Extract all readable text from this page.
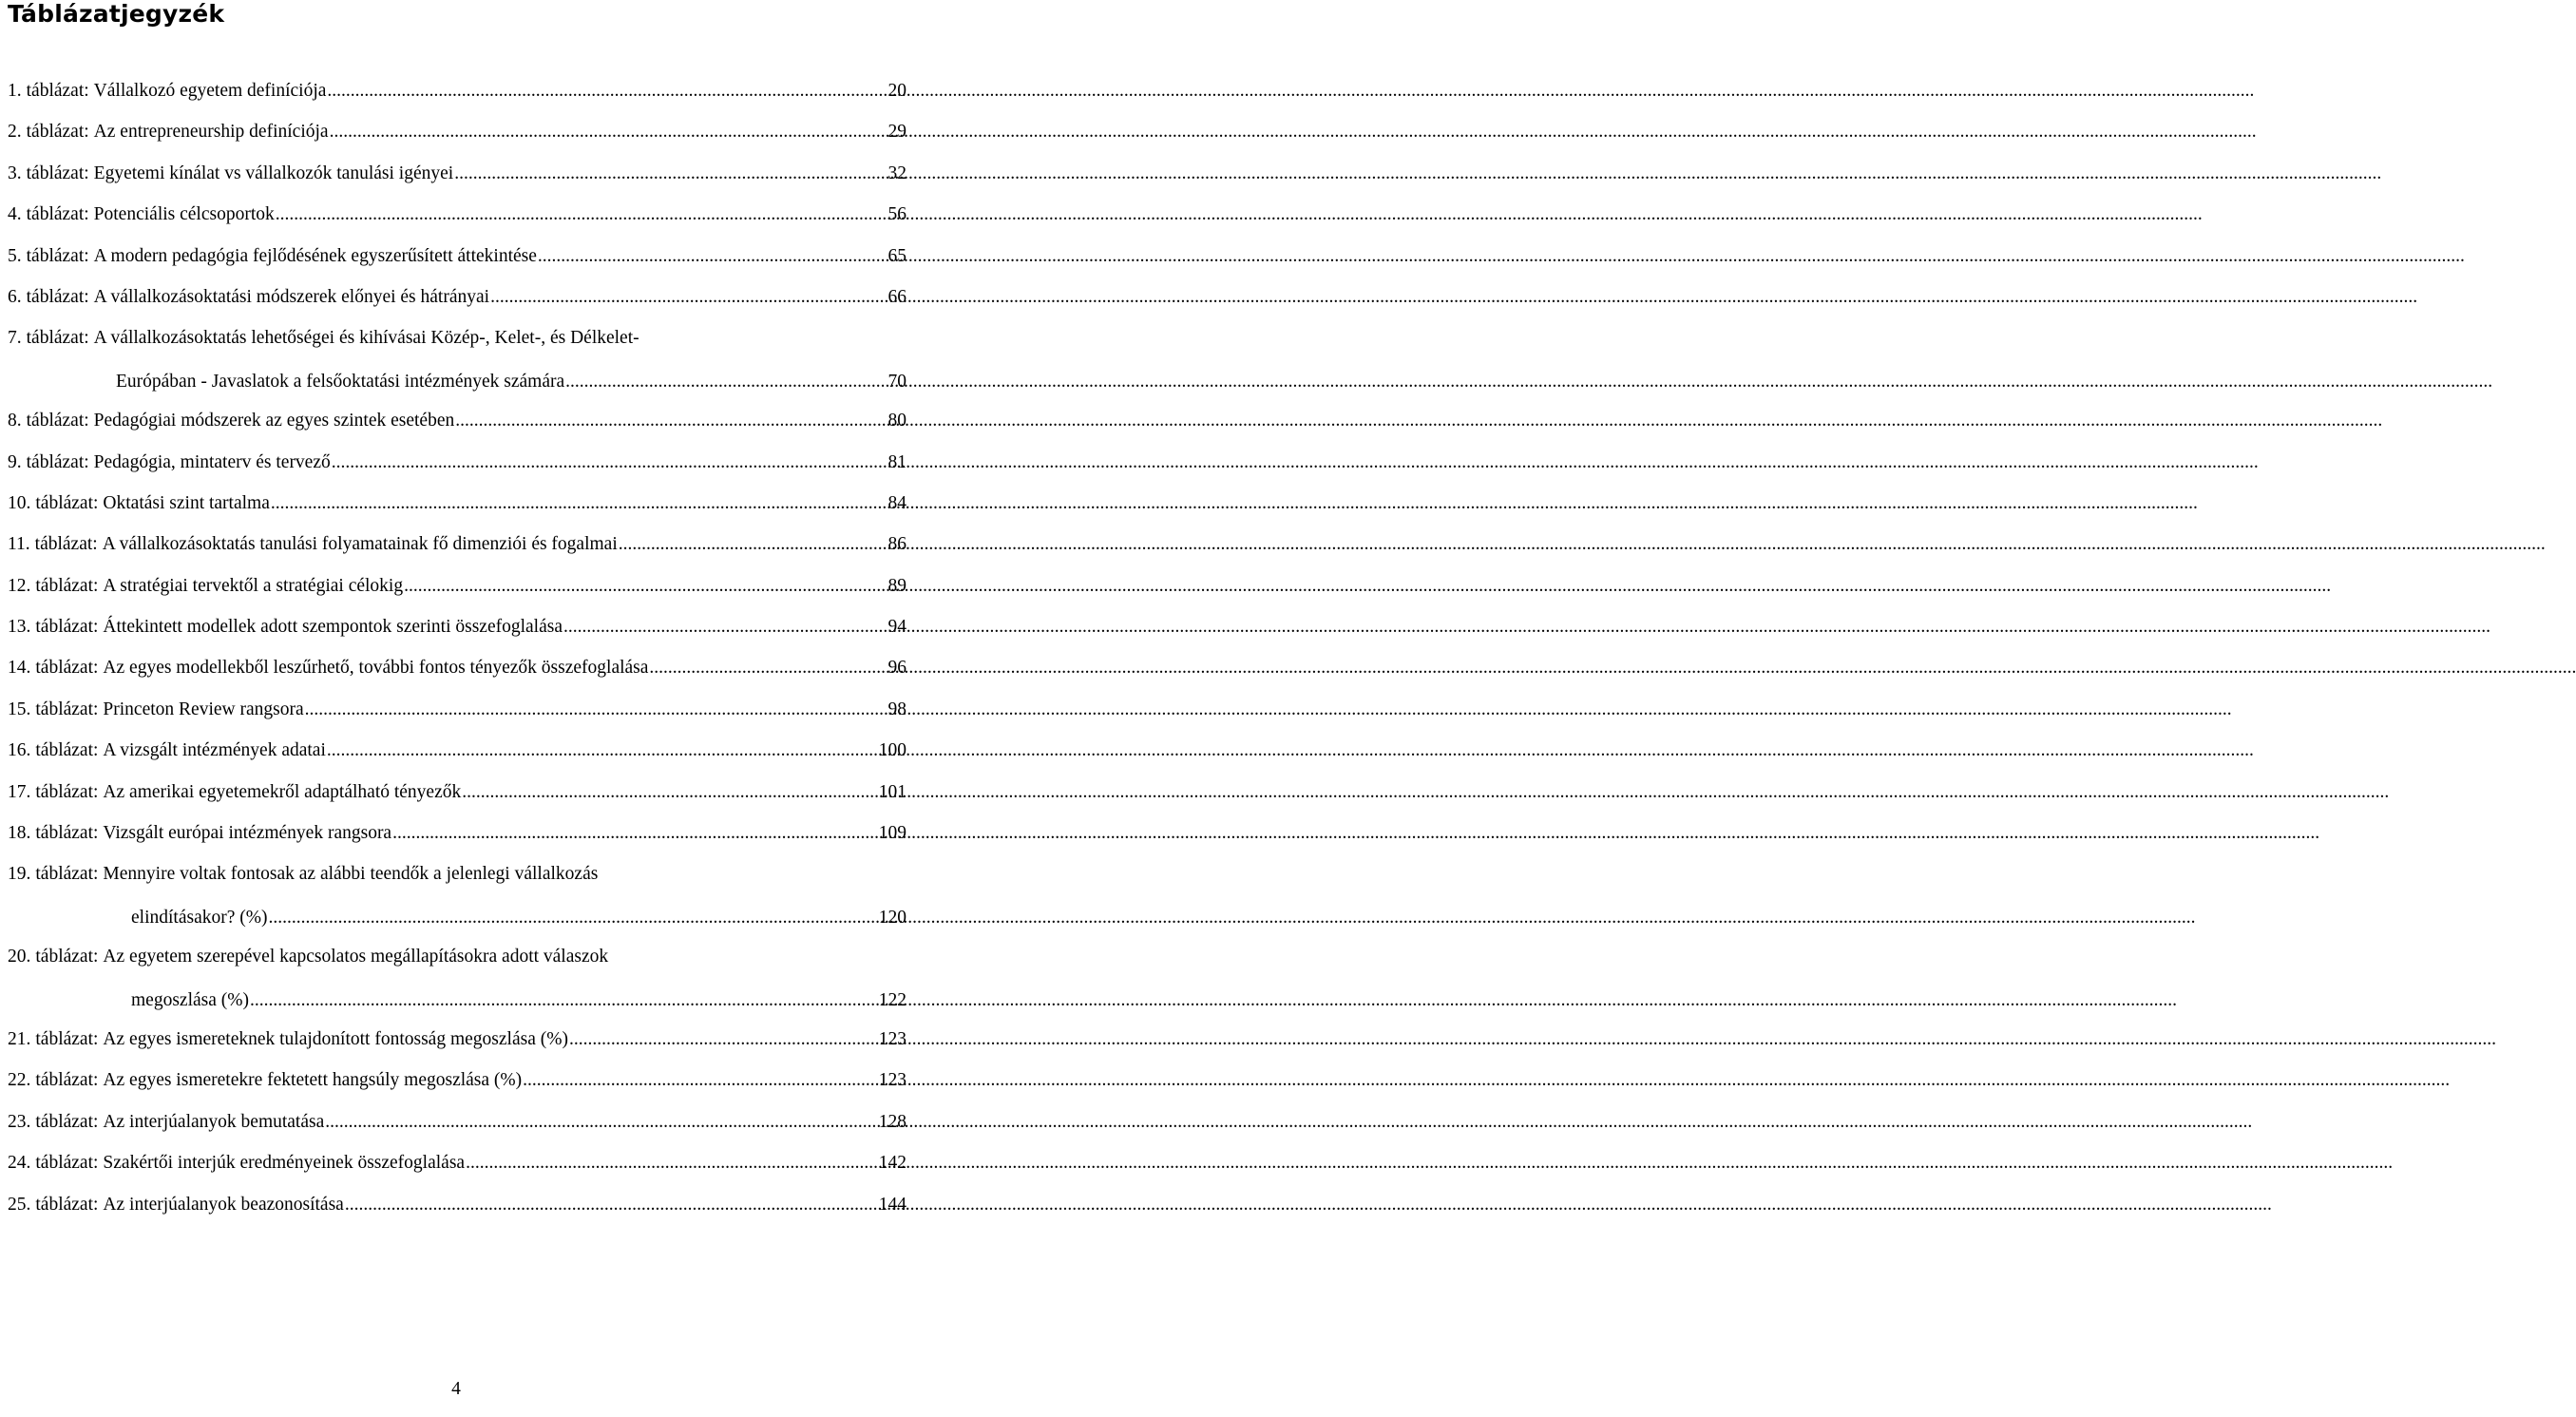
Táblázatjegyzék
1. táblázat: Vállalkozó egyetem definíciója .....	20
2. táblázat: Az entrepreneurship definíciója .....	29
3. táblázat: Egyetemi kínálat vs vállalkozók tanulási igényei .....	32
4. táblázat: Potenciális célcsoportok .....	56
5. táblázat: A modern pedagógia fejlődésének egyszerűsített áttekintése .....	65
6. táblázat: A vállalkozásoktatási módszerek előnyei és hátrányai .....	66
7. táblázat: A vállalkozásoktatás lehetőségei és kihívásai Közép-, Kelet-, és Délkelet-
Európában - Javaslatok a felsőoktatási intézmények számára .....	70
8. táblázat: Pedagógiai módszerek az egyes szintek esetében .....	80
9. táblázat: Pedagógia, mintaterv és tervező .....	81
10. táblázat: Oktatási szint tartalma .....	84
11. táblázat: A vállalkozásoktatás tanulási folyamatainak fő dimenziói és fogalmai .....	86
12. táblázat: A stratégiai tervektől a stratégiai célokig .....	89
13. táblázat: Áttekintett modellek adott szempontok szerinti összefoglalása .....	94
14. táblázat: Az egyes modellekből leszűrhető, további fontos tényezők összefoglalása .....	96
15. táblázat: Princeton Review rangsora .....	98
16. táblázat: A vizsgált intézmények adatai .....	100
17. táblázat: Az amerikai egyetemekről adaptálható tényezők .....	101
18. táblázat: Vizsgált európai intézmények rangsora .....	109
19. táblázat: Mennyire voltak fontosak az alábbi teendők a jelenlegi vállalkozás
elindításakor? (%) .....	120
20. táblázat: Az egyetem szerepével kapcsolatos megállapításokra adott válaszok
megoszlása (%) .....	122
21. táblázat: Az egyes ismereteknek tulajdonított fontosság megoszlása (%) .....	123
22. táblázat: Az egyes ismeretekre fektetett hangsúly megoszlása (%) .....	123
23. táblázat: Az interjúalanyok bemutatása .....	128
24. táblázat: Szakértői interjúk eredményeinek összefoglalása .....	142
25. táblázat: Az interjúalanyok beazonosítása .....	144
4
